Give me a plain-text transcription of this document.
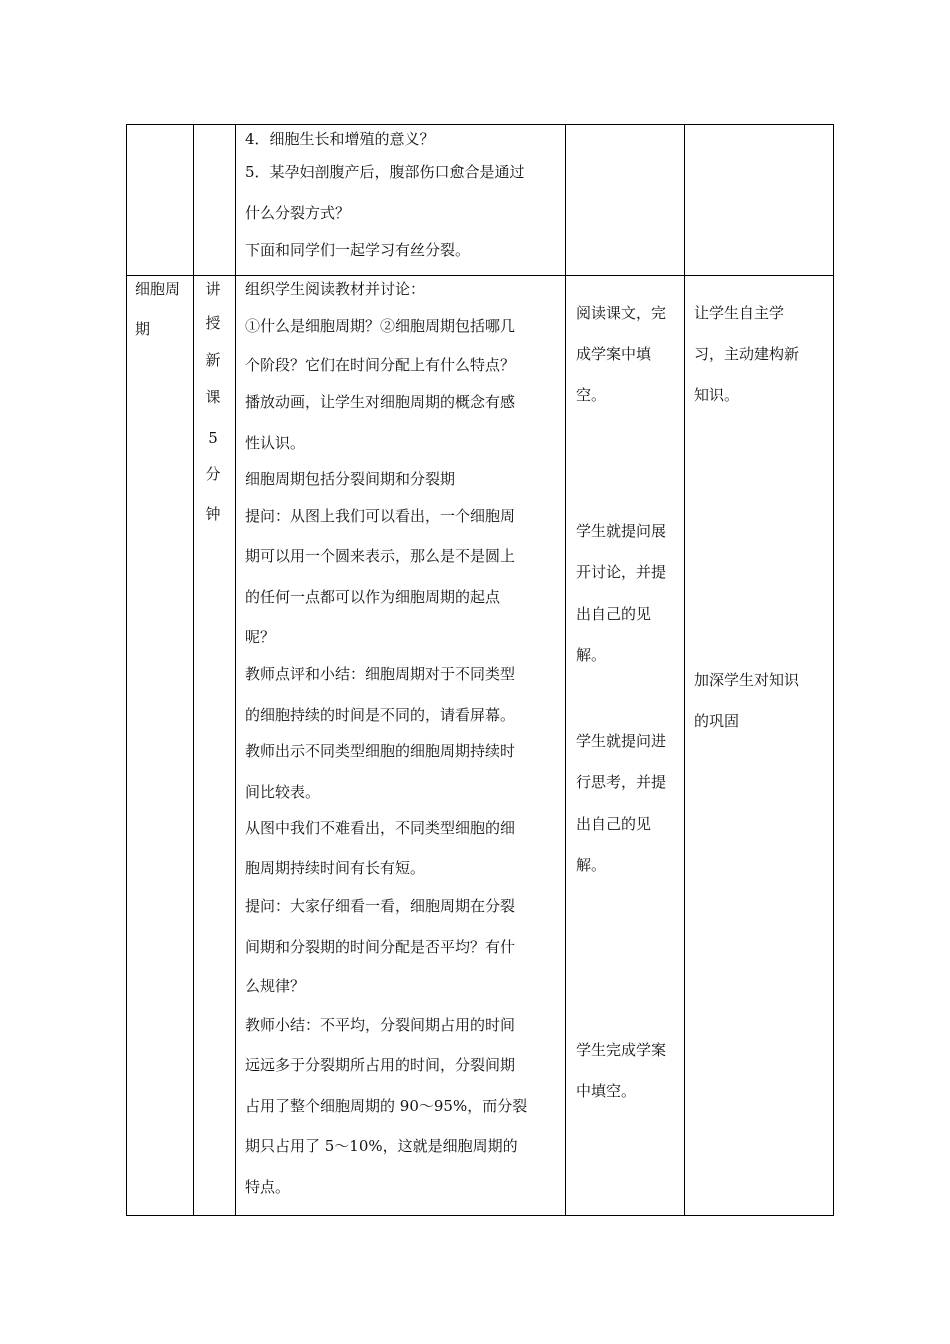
4．细胞生长和增殖的意义？
5．某孕妇剖腹产后，腹部伤口愈合是通过
什么分裂方式？
下面和同学们一起学习有丝分裂。
细胞周
期
讲
授
新
课
5
分
钟
组织学生阅读教材并讨论：
①什么是细胞周期？②细胞周期包括哪几
个阶段？它们在时间分配上有什么特点？
播放动画，让学生对细胞周期的概念有感
性认识。
细胞周期包括分裂间期和分裂期
提问：从图上我们可以看出，一个细胞周
期可以用一个圆来表示，那么是不是圆上
的任何一点都可以作为细胞周期的起点
呢？
教师点评和小结：细胞周期对于不同类型
的细胞持续的时间是不同的，请看屏幕。
教师出示不同类型细胞的细胞周期持续时
间比较表。
从图中我们不难看出，不同类型细胞的细
胞周期持续时间有长有短。
提问：大家仔细看一看，细胞周期在分裂
间期和分裂期的时间分配是否平均？有什
么规律？
教师小结：不平均，分裂间期占用的时间
远远多于分裂期所占用的时间，分裂间期
占用了整个细胞周期的 90～95%，而分裂
期只占用了 5～10%，这就是细胞周期的
特点。
阅读课文，完
成学案中填
空。
学生就提问展
开讨论，并提
出自己的见
解。
学生就提问进
行思考，并提
出自己的见
解。
学生完成学案
中填空。
让学生自主学
习，主动建构新
知识。
加深学生对知识
的巩固
